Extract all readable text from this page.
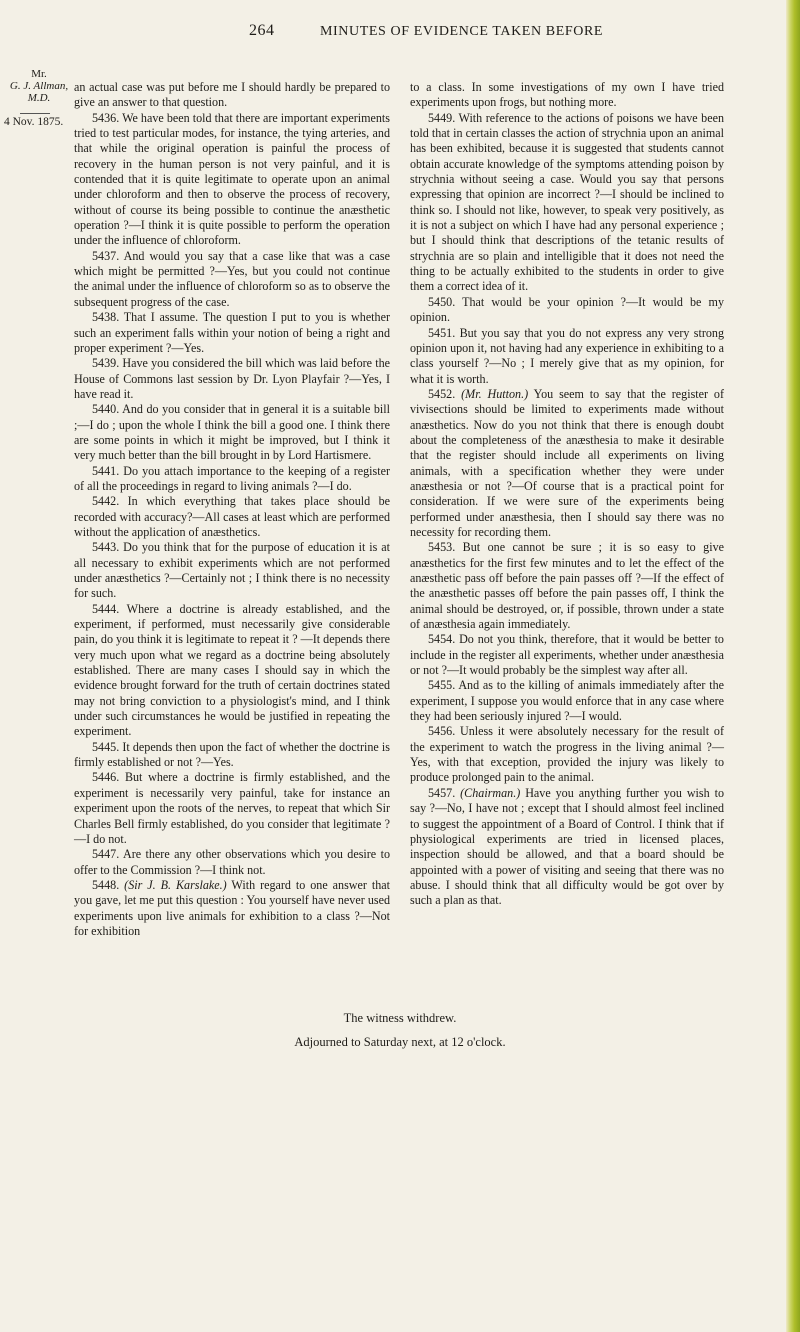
264	MINUTES OF EVIDENCE TAKEN BEFORE
Mr.
G. J. Allman,
M.D.
4 Nov. 1875.

an actual case was put before me I should hardly be prepared to give an answer to that question.

5436. We have been told that there are important experiments tried to test particular modes, for instance, the tying arteries, and that while the original operation is painful the process of recovery in the human person is not very painful, and it is contended that it is quite legitimate to operate upon an animal under chloroform and then to observe the process of recovery, without of course its being possible to continue the anæsthetic operation ?—I think it is quite possible to perform the operation under the influence of chloroform.

5437. And would you say that a case like that was a case which might be permitted ?—Yes, but you could not continue the animal under the influence of chloroform so as to observe the subsequent progress of the case.

5438. That I assume. The question I put to you is whether such an experiment falls within your notion of being a right and proper experiment ?—Yes.

5439. Have you considered the bill which was laid before the House of Commons last session by Dr. Lyon Playfair ?—Yes, I have read it.

5440. And do you consider that in general it is a suitable bill ;—I do ; upon the whole I think the bill a good one. I think there are some points in which it might be improved, but I think it very much better than the bill brought in by Lord Hartismere.

5441. Do you attach importance to the keeping of a register of all the proceedings in regard to living animals ?—I do.

5442. In which everything that takes place should be recorded with accuracy?—All cases at least which are performed without the application of anæsthetics.

5443. Do you think that for the purpose of education it is at all necessary to exhibit experiments which are not performed under anæsthetics ?—Certainly not ; I think there is no necessity for such.

5444. Where a doctrine is already established, and the experiment, if performed, must necessarily give considerable pain, do you think it is legitimate to repeat it ? —It depends there very much upon what we regard as a doctrine being absolutely established. There are many cases I should say in which the evidence brought forward for the truth of certain doctrines stated may not bring conviction to a physiologist's mind, and I think under such circumstances he would be justified in repeating the experiment.

5445. It depends then upon the fact of whether the doctrine is firmly established or not ?—Yes.

5446. But where a doctrine is firmly established, and the experiment is necessarily very painful, take for instance an experiment upon the roots of the nerves, to repeat that which Sir Charles Bell firmly established, do you consider that legitimate ?—I do not.

5447. Are there any other observations which you desire to offer to the Commission ?—I think not.

5448. (Sir J. B. Karslake.) With regard to one answer that you gave, let me put this question : You yourself have never used experiments upon live animals for exhibition to a class ?—Not for exhibition

to a class. In some investigations of my own I have tried experiments upon frogs, but nothing more.

5449. With reference to the actions of poisons we have been told that in certain classes the action of strychnia upon an animal has been exhibited, because it is suggested that students cannot obtain accurate knowledge of the symptoms attending poison by strychnia without seeing a case. Would you say that persons expressing that opinion are incorrect ?—I should be inclined to think so. I should not like, however, to speak very positively, as it is not a subject on which I have had any personal experience ; but I should think that descriptions of the tetanic results of strychnia are so plain and intelligible that it does not need the thing to be actually exhibited to the students in order to give them a correct idea of it.

5450. That would be your opinion ?—It would be my opinion.

5451. But you say that you do not express any very strong opinion upon it, not having had any experience in exhibiting to a class yourself ?—No ; I merely give that as my opinion, for what it is worth.

5452. (Mr. Hutton.) You seem to say that the register of vivisections should be limited to experiments made without anæsthetics. Now do you not think that there is enough doubt about the completeness of the anæsthesia to make it desirable that the register should include all experiments on living animals, with a specification whether they were under anæsthesia or not ?—Of course that is a practical point for consideration. If we were sure of the experiments being performed under anæsthesia, then I should say there was no necessity for recording them.

5453. But one cannot be sure ; it is so easy to give anæsthetics for the first few minutes and to let the effect of the anæsthetic pass off before the pain passes off ?—If the effect of the anæsthetic passes off before the pain passes off, I think the animal should be destroyed, or, if possible, thrown under a state of anæsthesia again immediately.

5454. Do not you think, therefore, that it would be better to include in the register all experiments, whether under anæsthesia or not ?—It would probably be the simplest way after all.

5455. And as to the killing of animals immediately after the experiment, I suppose you would enforce that in any case where they had been seriously injured ?—I would.

5456. Unless it were absolutely necessary for the result of the experiment to watch the progress in the living animal ?—Yes, with that exception, provided the injury was likely to produce prolonged pain to the animal.

5457. (Chairman.) Have you anything further you wish to say ?—No, I have not ; except that I should almost feel inclined to suggest the appointment of a Board of Control. I think that if physiological experiments are tried in licensed places, inspection should be allowed, and that a board should be appointed with a power of visiting and seeing that there was no abuse. I should think that all difficulty would be got over by such a plan as that.

The witness withdrew.
Adjourned to Saturday next, at 12 o'clock.
